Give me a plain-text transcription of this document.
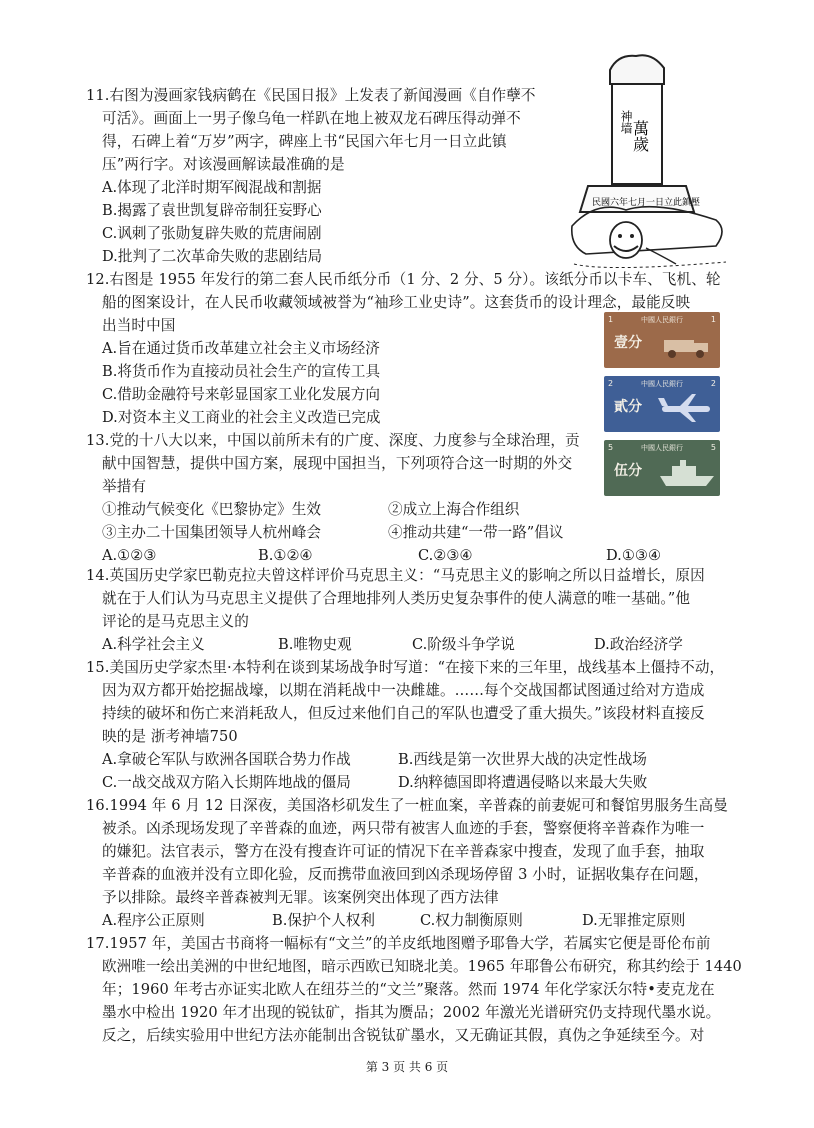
11.右图为漫画家钱病鹤在《民国日报》上发表了新闻漫画《自作孽不
可活》。画面上一男子像乌龟一样趴在地上被双龙石碑压得动弹不
得，石碑上着“万岁”两字，碑座上书“民国六年七月一日立此镇
压”两行字。对该漫画解读最准确的是
A.体现了北洋时期军阀混战和割据
B.揭露了袁世凯复辟帝制狂妄野心
C.讽刺了张勋复辟失败的荒唐闹剧
D.批判了二次革命失败的悲剧结局
神墙
萬歲
民國六年七月一日立此鎮壓
12.右图是 1955 年发行的第二套人民币纸分币（1 分、2 分、5 分）。该纸分币以卡车、飞机、轮
船的图案设计，在人民币收藏领域被誉为“袖珍工业史诗”。这套货币的设计理念，最能反映
出当时中国
A.旨在通过货币改革建立社会主义市场经济
B.将货币作为直接动员社会生产的宣传工具
C.借助金融符号来彰显国家工业化发展方向
D.对资本主义工商业的社会主义改造已完成
中國人民銀行
1	1
壹分
中國人民銀行
2	2
貳分
中國人民銀行
5	5
伍分
13.党的十八大以来，中国以前所未有的广度、深度、力度参与全球治理，贡
献中国智慧，提供中国方案，展现中国担当，下列项符合这一时期的外交
举措有
①推动气候变化《巴黎协定》生效	②成立上海合作组织
③主办二十国集团领导人杭州峰会	④推动共建“一带一路”倡议
A.①②③	B.①②④	C.②③④	D.①③④
14.英国历史学家巴勒克拉夫曾这样评价马克思主义：“马克思主义的影响之所以日益增长，原因
就在于人们认为马克思主义提供了合理地排列人类历史复杂事件的使人满意的唯一基础。”他
评论的是马克思主义的
A.科学社会主义	B.唯物史观	C.阶级斗争学说	D.政治经济学
15.美国历史学家杰里·本特利在谈到某场战争时写道：“在接下来的三年里，战线基本上僵持不动，
因为双方都开始挖掘战壕，以期在消耗战中一决雌雄。……每个交战国都试图通过给对方造成
持续的破坏和伤亡来消耗敌人，但反过来他们自己的军队也遭受了重大损失。”该段材料直接反
映的是 浙考神墙750
A.拿破仑军队与欧洲各国联合势力作战	B.西线是第一次世界大战的决定性战场
C.一战交战双方陷入长期阵地战的僵局	D.纳粹德国即将遭遇侵略以来最大失败
16.1994 年 6 月 12 日深夜，美国洛杉矶发生了一桩血案，辛普森的前妻妮可和餐馆男服务生高曼
被杀。凶杀现场发现了辛普森的血迹，两只带有被害人血迹的手套，警察便将辛普森作为唯一
的嫌犯。法官表示，警方在没有搜查许可证的情况下在辛普森家中搜查，发现了血手套，抽取
辛普森的血液并没有立即化验，反而携带血液回到凶杀现场停留 3 小时，证据收集存在问题，
予以排除。最终辛普森被判无罪。该案例突出体现了西方法律
A.程序公正原则	B.保护个人权利	C.权力制衡原则	D.无罪推定原则
17.1957 年，美国古书商将一幅标有“文兰”的羊皮纸地图赠予耶鲁大学，若属实它便是哥伦布前
欧洲唯一绘出美洲的中世纪地图，暗示西欧已知晓北美。1965 年耶鲁公布研究，称其约绘于 1440
年；1960 年考古亦证实北欧人在纽芬兰的“文兰”聚落。然而 1974 年化学家沃尔特•麦克龙在
墨水中检出 1920 年才出现的锐钛矿，指其为赝品；2002 年激光光谱研究仍支持现代墨水说。
反之，后续实验用中世纪方法亦能制出含锐钛矿墨水，又无确证其假，真伪之争延续至今。对
第 3 页 共 6 页
